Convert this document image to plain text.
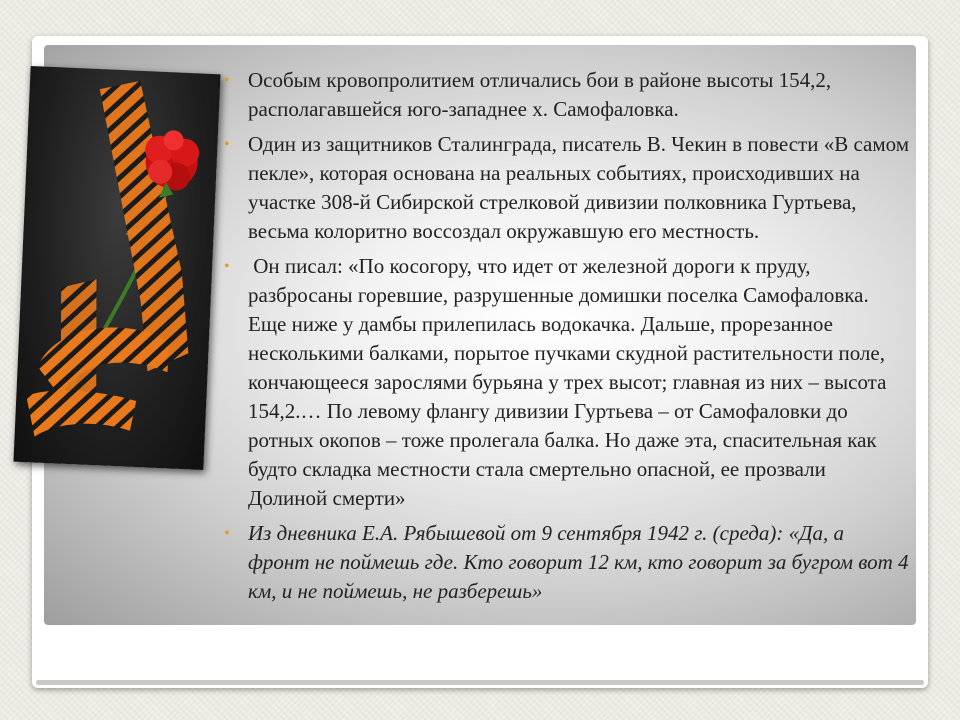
• Особым кровопролитием отличались бои в районе высоты 154,2, располагавшейся юго-западнее х. Самофаловка.

• Один из защитников Сталинграда, писатель В. Чекин в повести «В самом пекле», которая основана на реальных событиях, происходивших на участке 308-й Сибирской стрелковой дивизии полковника Гуртьева, весьма колоритно воссоздал окружавшую его местность.

• Он писал: «По косогору, что идет от железной дороги к пруду, разбросаны горевшие, разрушенные домишки поселка Самофаловка. Еще ниже у дамбы прилепилась водокачка. Дальше, прорезанное несколькими балками, порытое пучками скудной растительности поле, кончающееся зарослями бурьяна у трех высот; главная из них – высота 154,2.… По левому флангу дивизии Гуртьева – от Самофаловки до ротных окопов – тоже пролегала балка. Но даже эта, спасительная как будто складка местности стала смертельно опасной, ее прозвали Долиной смерти»

• Из дневника Е.А. Рябышевой от 9 сентября 1942 г. (среда): «Да, а фронт не поймешь где. Кто говорит 12 км, кто говорит за бугром вот 4 км, и не поймешь, не разберешь»
